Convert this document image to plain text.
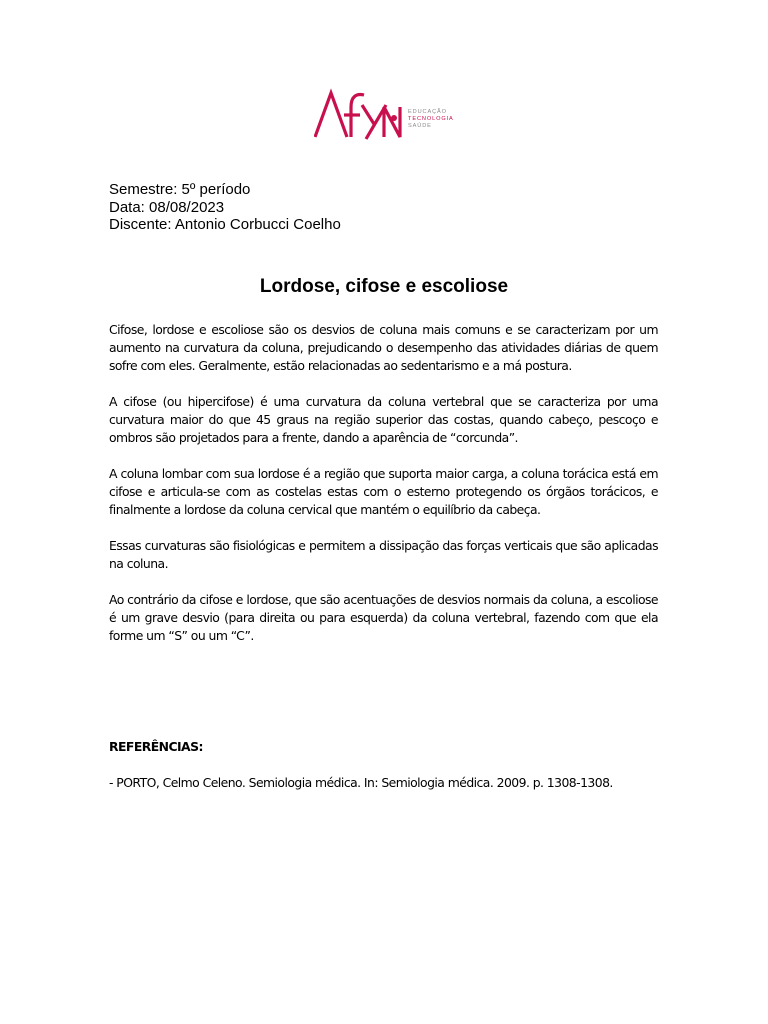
EDUCAÇÃO
TECNOLOGIA
SAÚDE
Semestre: 5º período
Data: 08/08/2023
Discente: Antonio Corbucci Coelho
Lordose, cifose e escoliose

Cifose, lordose e escoliose são os desvios de coluna mais comuns e se caracterizam por um aumento na curvatura da coluna, prejudicando o desempenho das atividades diárias de quem sofre com eles. Geralmente, estão relacionadas ao sedentarismo e a má postura.

A cifose (ou hipercifose) é uma curvatura da coluna vertebral que se caracteriza por uma curvatura maior do que 45 graus na região superior das costas, quando cabeço, pescoço e ombros são projetados para a frente, dando a aparência de “corcunda”.

A coluna lombar com sua lordose é a região que suporta maior carga, a coluna torácica está em cifose e articula-se com as costelas estas com o esterno protegendo os órgãos torácicos, e finalmente a lordose da coluna cervical que mantém o equilíbrio da cabeça.

Essas curvaturas são fisiológicas e permitem a dissipação das forças verticais que são aplicadas na coluna.

Ao contrário da cifose e lordose, que são acentuações de desvios normais da coluna, a escoliose é um grave desvio (para direita ou para esquerda) da coluna vertebral, fazendo com que ela forme um “S” ou um “C”.

REFERÊNCIAS:
- PORTO, Celmo Celeno. Semiologia médica. In: Semiologia médica. 2009. p. 1308-1308.
